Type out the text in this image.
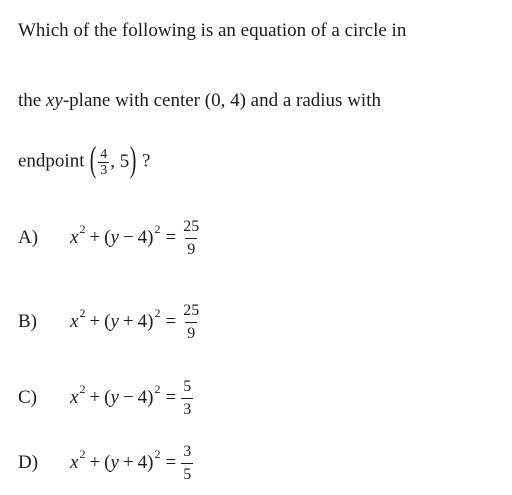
Which of the following is an equation of a circle in
the xy-plane with center (0, 4) and a radius with
endpoint ( $\frac{4}{3}$ , 5) ?
A)	x 2 + ( y − 4) $2 = \frac{25}{9}$
B)	x 2 + ( y + 4) $2 = \frac{25}{9}$
C)	x 2 + ( y − 4) $2 = \frac{5}{3}$
D)	x 2 + ( y + 4) $2 = \frac{3}{5}$
